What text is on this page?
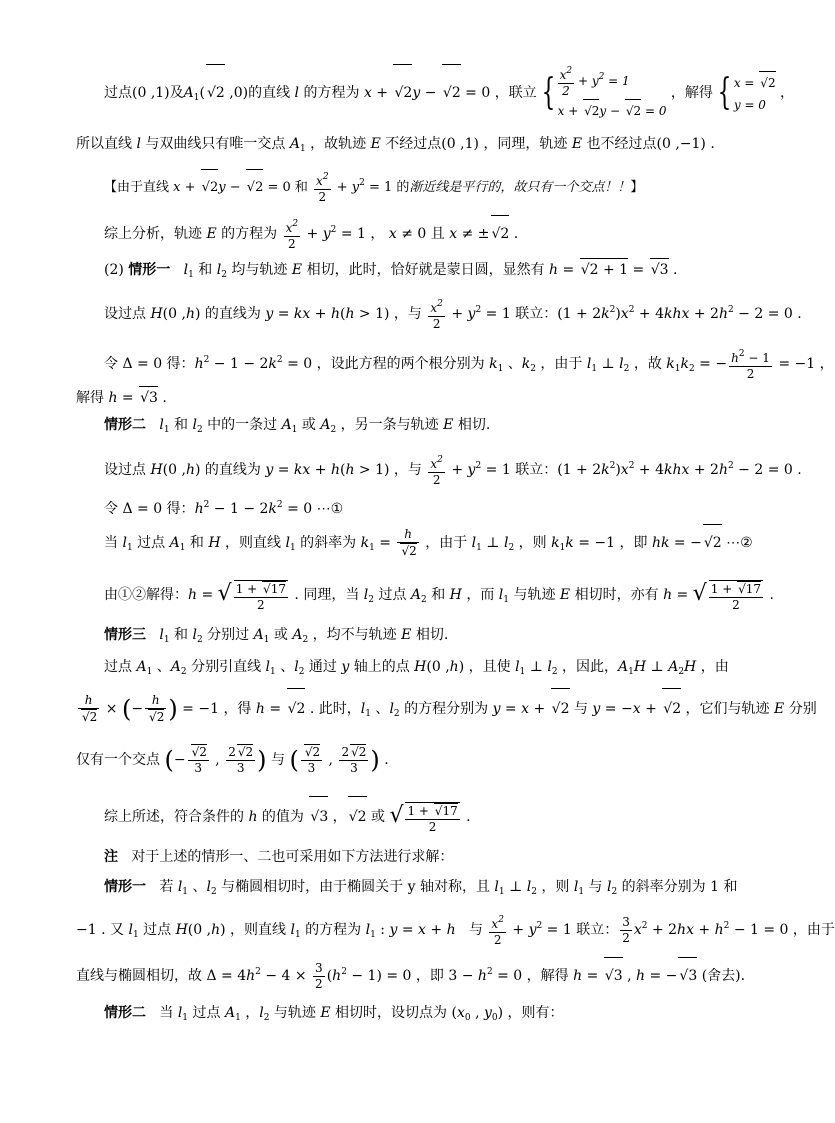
过点(0 ,1)及$A_1(√$ 2 ,0)的直线 l 的方程为 x + √ 2y − √ 2 = 0 ，联立 { $\frac{x^2}{2} + y^2 = 1$
x + √ 2y − √ 2 = 0
，解得 { x = √ 2
y = 0
，
所以直线 l 与双曲线只有唯一交点 $A_1$ ，故轨迹 E 不经过点(0 ,1) ，同理，轨迹 E 也不经过点(0 ,−1) .
【由于直线 x + √ 2y − √ 2 = 0 和 $\frac{x^2}{2} + y^2 = 1$ 的渐近线是平行的，故只有一个交点！！】
综上分析，轨迹 E 的方程为 $\frac{x^2}{2} + y^2 = 1$ ， x ≠ 0 且 x ≠ ±√ 2 .
(2) 情形一 $l_1$ 和 $l_2$ 均与轨迹 E 相切，此时，恰好就是蒙日圆，显然有 h = √ 2 + 1 = √ 3 .
设过点 H(0 ,h) 的直线为 y = kx + h(h > 1) ，与 $\frac{x^2}{2} + y^2 = 1$ 联立：$(1 + 2k^2)x^2 + 4khx + 2h^2 - 2 = 0$ .
令 Δ = 0 得：$h^2 - 1 - 2k^2 = 0$ ，设此方程的两个根分别为 $k_1$ 、$k_2$ ，由于 $l_1$ ⊥ $l_2$ ，故 $k_1k_2$ = − $\frac{h^2 - 1}{2} = -1$ ，
解得 h = √ 3 .
情形二 $l_1$ 和 $l_2$ 中的一条过 $A_1$ 或 $A_2$ ，另一条与轨迹 E 相切.
设过点 H(0 ,h) 的直线为 y = kx + h(h > 1) ，与 $\frac{x^2}{2} + y^2 = 1$ 联立：$(1 + 2k^2)x^2 + 4khx + 2h^2 - 2 = 0$ .
令 Δ = 0 得：$h^2 - 1 - 2k^2 = 0$ ⋯①
当 $l_1$ 过点 $A_1$ 和 H ，则直线 $l_1$ 的斜率为 $k_1 = h$
√ 2 ，由于 $l_1$ ⊥ $l_2$ ，则 $k_1k = -1$ ，即 hk = −√ 2 ⋯②
由①②解得：h = √ $\frac{1 + √ 17}{2}$ . 同理，当 $l_2$ 过点 $A_2$ 和 H ，而 $l_1$ 与轨迹 E 相切时，亦有 h = √ $\frac{1 + √ 17}{2}$ .
情形三 $l_1$ 和 $l_2$ 分别过 $A_1$ 或 $A_2$ ，均不与轨迹 E 相切.
过点 $A_1$ 、$A_2$ 分别引直线 $l_1$ 、$l_2$ 通过 y 轴上的点 H(0 ,h) ，且使 $l_1$ ⊥ $l_2$ ，因此，$A_1H$ ⊥ $A_2H$ ，由
h
√ 2 × (− h
√ 2 ) = −1 ，得 h = √ 2 . 此时，$l_1$ 、$l_2$ 的方程分别为 y = x + √ 2 与 y = −x + √ 2 ，它们与轨迹 E 分别
仅有一个交点 (−
√ $\frac{2}{3}$ , $\frac{2√ 2}{3}$ ) 与 (
√ $\frac{2}{3}$ , $\frac{2√ 2}{3}$ ) .
综上所述，符合条件的 h 的值为 √ 3 ，√ 2 或 √ $\frac{1 + √ 17}{2}$ .
注   对于上述的情形一、二也可采用如下方法进行求解：
情形一   若 $l_1$ 、$l_2$ 与椭圆相切时，由于椭圆关于 y 轴对称，且 $l_1$ ⊥ $l_2$ ，则 $l_1$ 与 $l_2$ 的斜率分别为 1 和
−1 . 又 $l_1$ 过点 H(0 ,h) ，则直线 $l_1$ 的方程为 $l_1$ : y = x + h   与 $\frac{x^2}{2} + y^2 = 1$ 联立： $\frac{3}{2} x^2 + 2hx + h^2 - 1 = 0$ ，由于
直线与椭圆相切，故 $\Delta = 4h^2 - 4 \times \frac{3}{2} (h^2 - 1) = 0$ ，即 $3 - h^2 = 0$ ，解得 h = √ 3 , h = −√ 3 (舍去).
情形二   当 $l_1$ 过点 $A_1$ ，$l_2$ 与轨迹 E 相切时，设切点为 ($x_0$ , $y_0$) ，则有：
